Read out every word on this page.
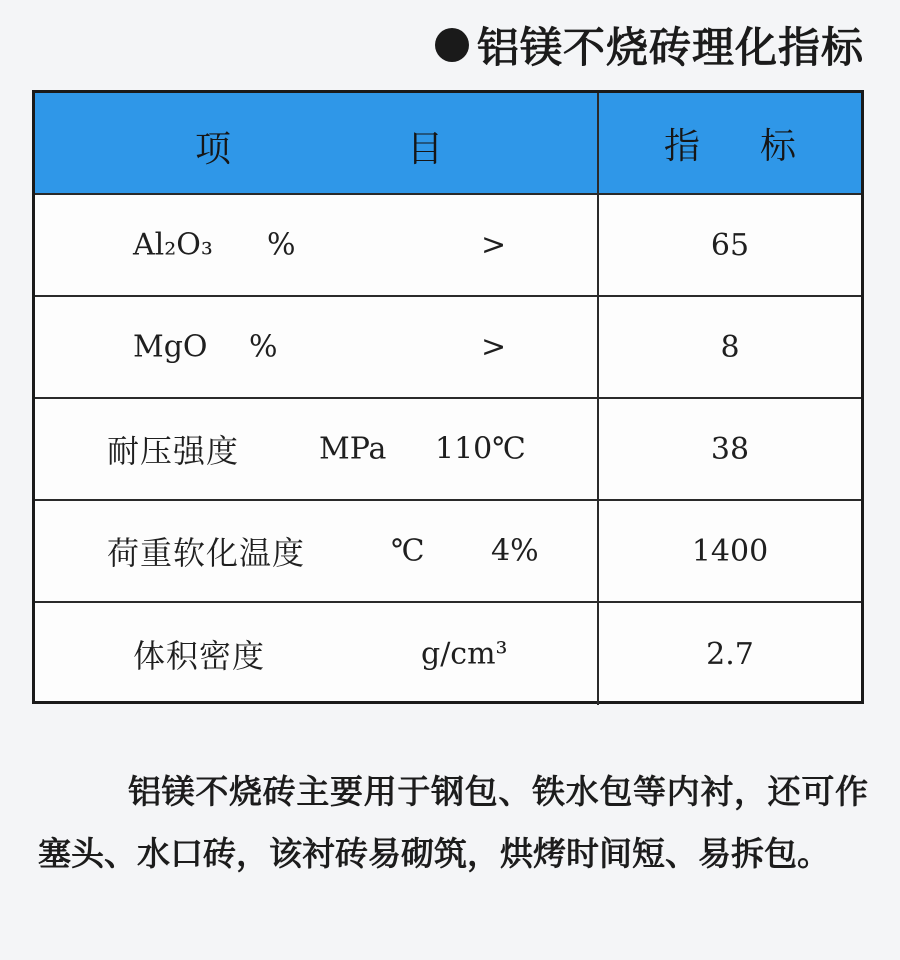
铝镁不烧砖理化指标
项	目	指 标
Al₂O₃ %	>	65
MgO %	>	8
耐压强度	MPa 110℃	38
荷重软化温度	℃ 4%	1400
体积密度	g/cm³	2.7

铝镁不烧砖主要用于钢包、铁水包等内衬，还可作塞头、水口砖，该衬砖易砌筑，烘烤时间短、易拆包。
